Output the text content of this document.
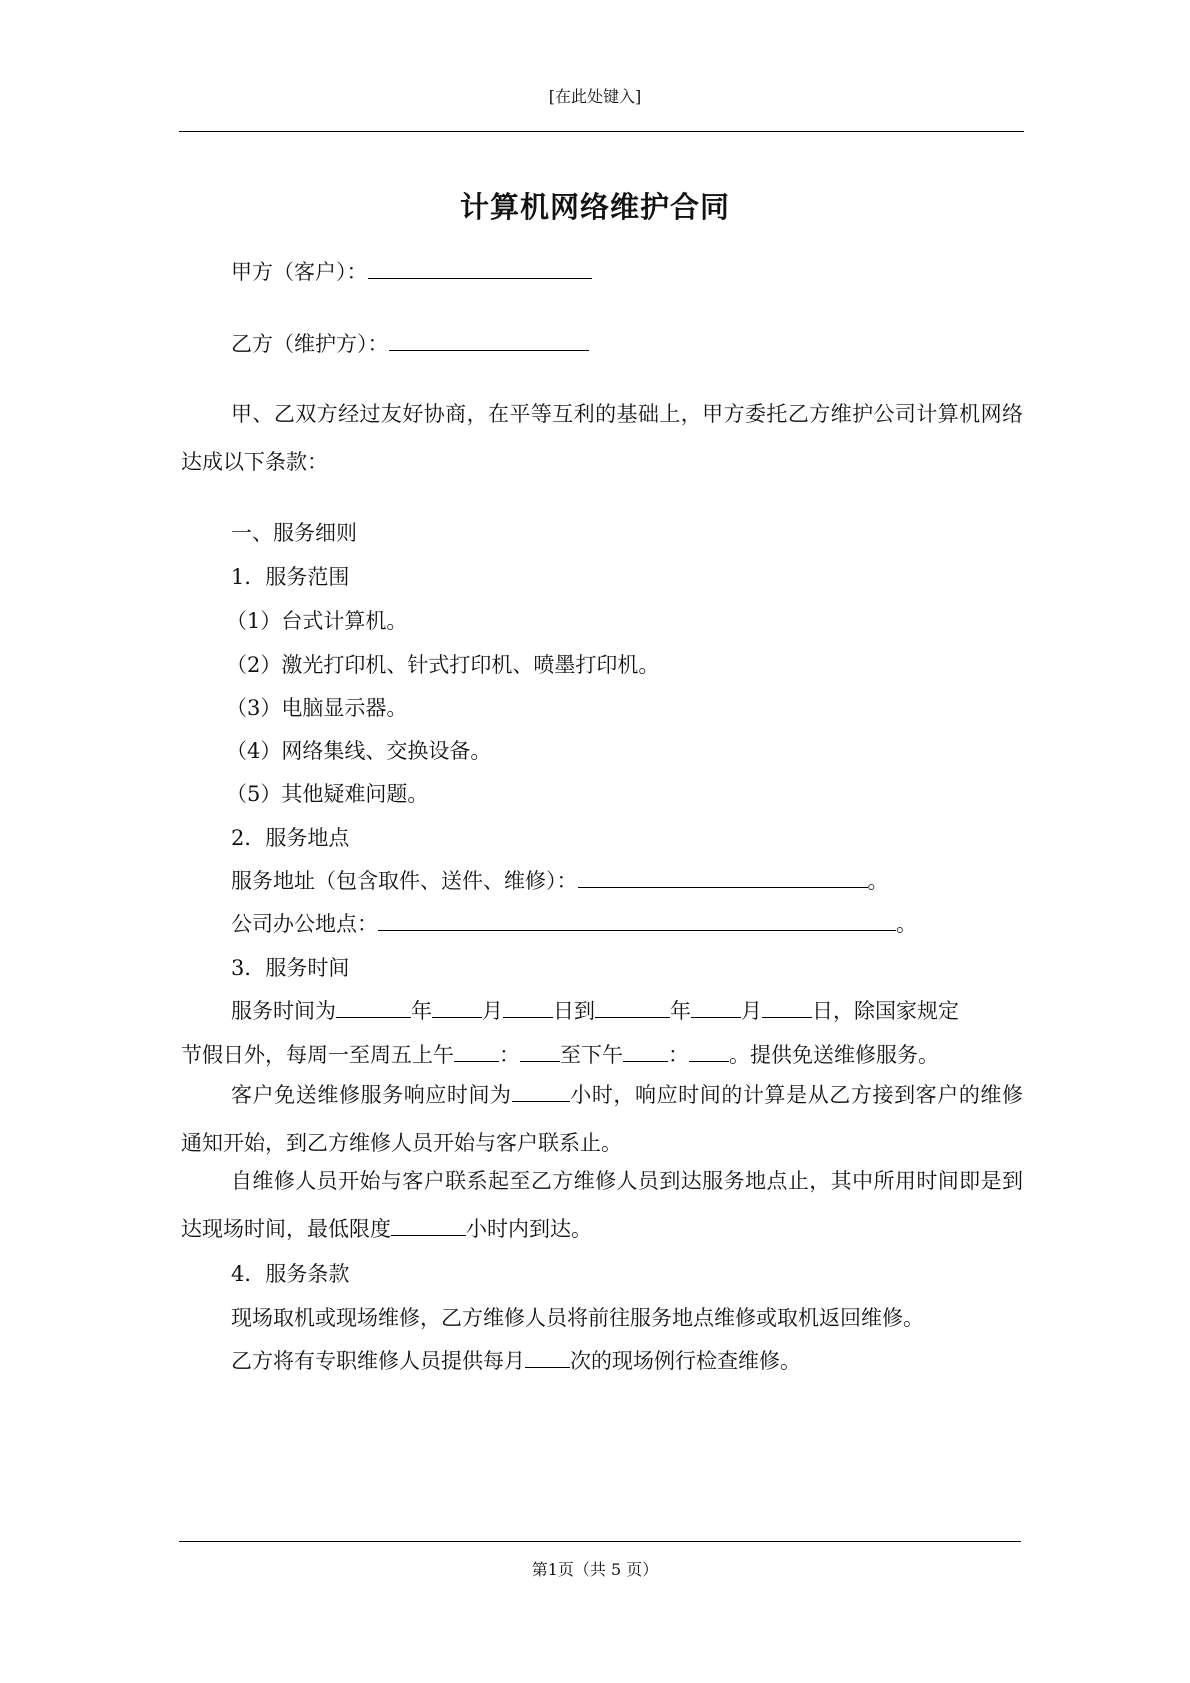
[在此处键入]
计算机网络维护合同
甲方（客户）：
乙方（维护方）：
甲、乙双方经过友好协商，在平等互利的基础上，甲方委托乙方维护公司计算机网络达成以下条款：
一、服务细则
1．服务范围
（1）台式计算机。
（2）激光打印机、针式打印机、喷墨打印机。
（3）电脑显示器。
（4）网络集线、交换设备。
（5）其他疑难问题。
2．服务地点
服务地址（包含取件、送件、维修）：	。
公司办公地点：	。
3．服务时间
服务时间为	年 月 日到	年 月 日，除国家规定
节假日外，每周一至周五上午 ： 至下午 ： 。提供免送维修服务。
客户免送维修服务响应时间为	小时，响应时间的计算是从乙方接到客户的维修通知开始，到乙方维修人员开始与客户联系止。
自维修人员开始与客户联系起至乙方维修人员到达服务地点止，其中所用时间即是到达现场时间，最低限度	小时内到达。
4．服务条款
现场取机或现场维修，乙方维修人员将前往服务地点维修或取机返回维修。
乙方将有专职维修人员提供每月 次的现场例行检查维修。
第1页（共 5 页）
